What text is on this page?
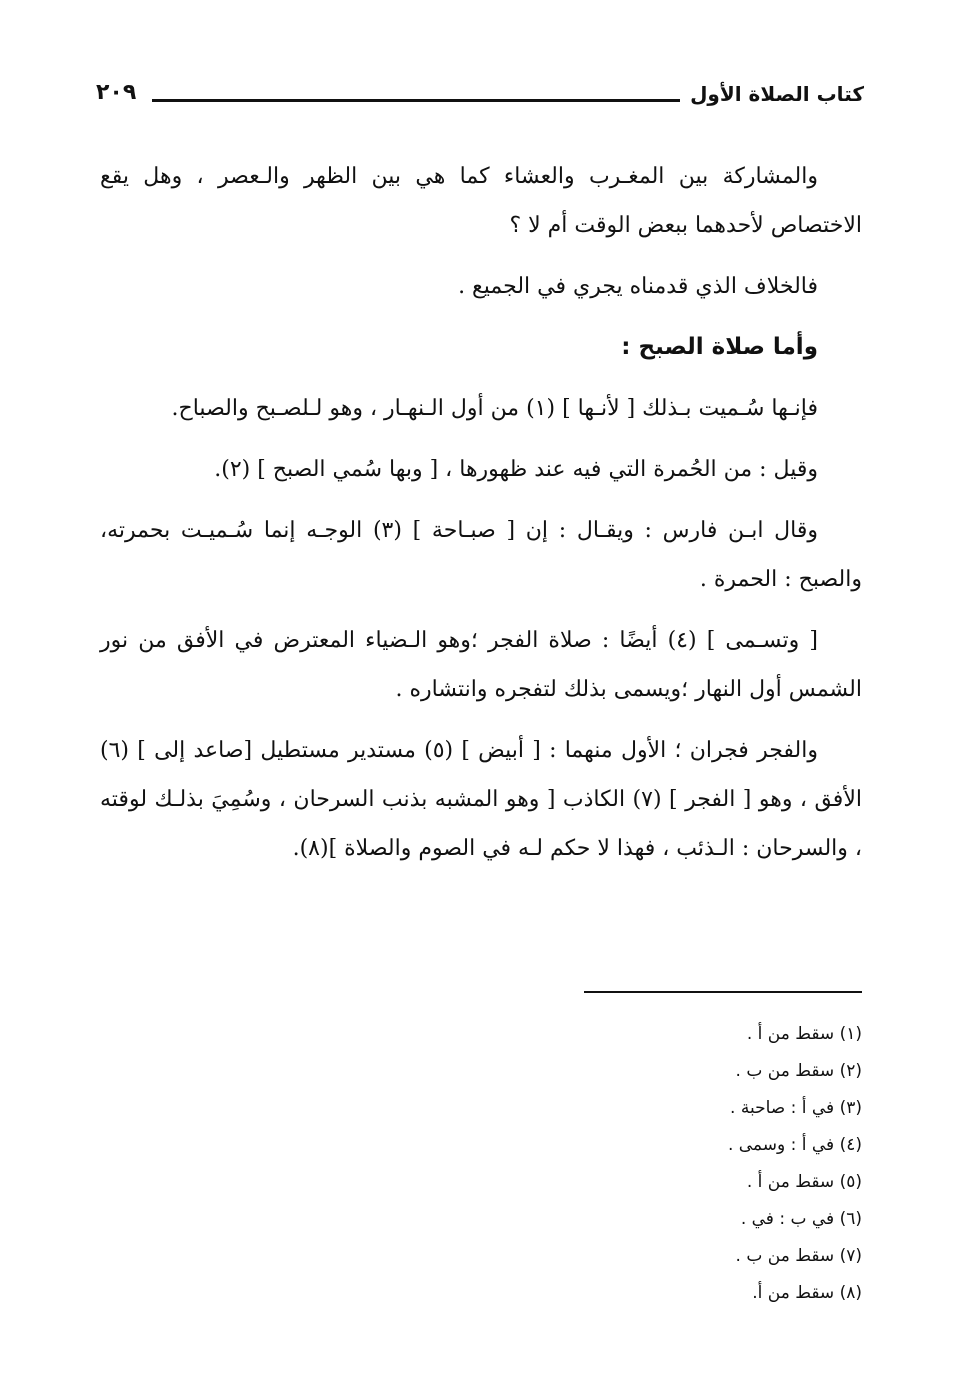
كتاب الصلاة الأول
٢٠٩

والمشاركة بين المغـرب والعشاء كما هي بين الظهر والـعصر ، وهل يقع الاختصاص لأحدهما ببعض الوقت أم لا ؟

فالخلاف الذي قدمناه يجري في الجميع .

وأما صلاة الصبح :

فإنـها سُـميت بـذلك [ لأنـها ] (١) من أول الـنهـار ، وهو لـلصـبح والصباح.

وقيل : من الحُمرة التي فيه عند ظهورها ، [ وبها سُمي الصبح ] (٢).

وقال ابـن فارس : ويقـال : إن [ صبـاحة ] (٣) الوجـه إنما سُـميـت بحمرته، والصبح : الحمرة .

[ وتسـمى ] (٤) أيضًا : صلاة الفجر ؛وهو الـضياء المعترض في الأفق من نور الشمس أول النهار ؛ويسمى بذلك لتفجره وانتشاره .

والفجر فجران ؛ الأول منهما : [ أبيض ] (٥) مستدير مستطيل [صاعد إلى ] (٦) الأفق ، وهو [ الفجر ] (٧) الكاذب [ وهو المشبه بذنب السرحان ، وسُمِيَ بذلـك لوقته ، والسرحان : الـذئب ، فهذا لا حكم لـه في الصوم والصلاة ](٨).

(١) سقط من أ .
(٢) سقط من ب .
(٣) في أ : صاحبة .
(٤) في أ : وسمى .
(٥) سقط من أ .
(٦) في ب : في .
(٧) سقط من ب .
(٨) سقط من أ.
